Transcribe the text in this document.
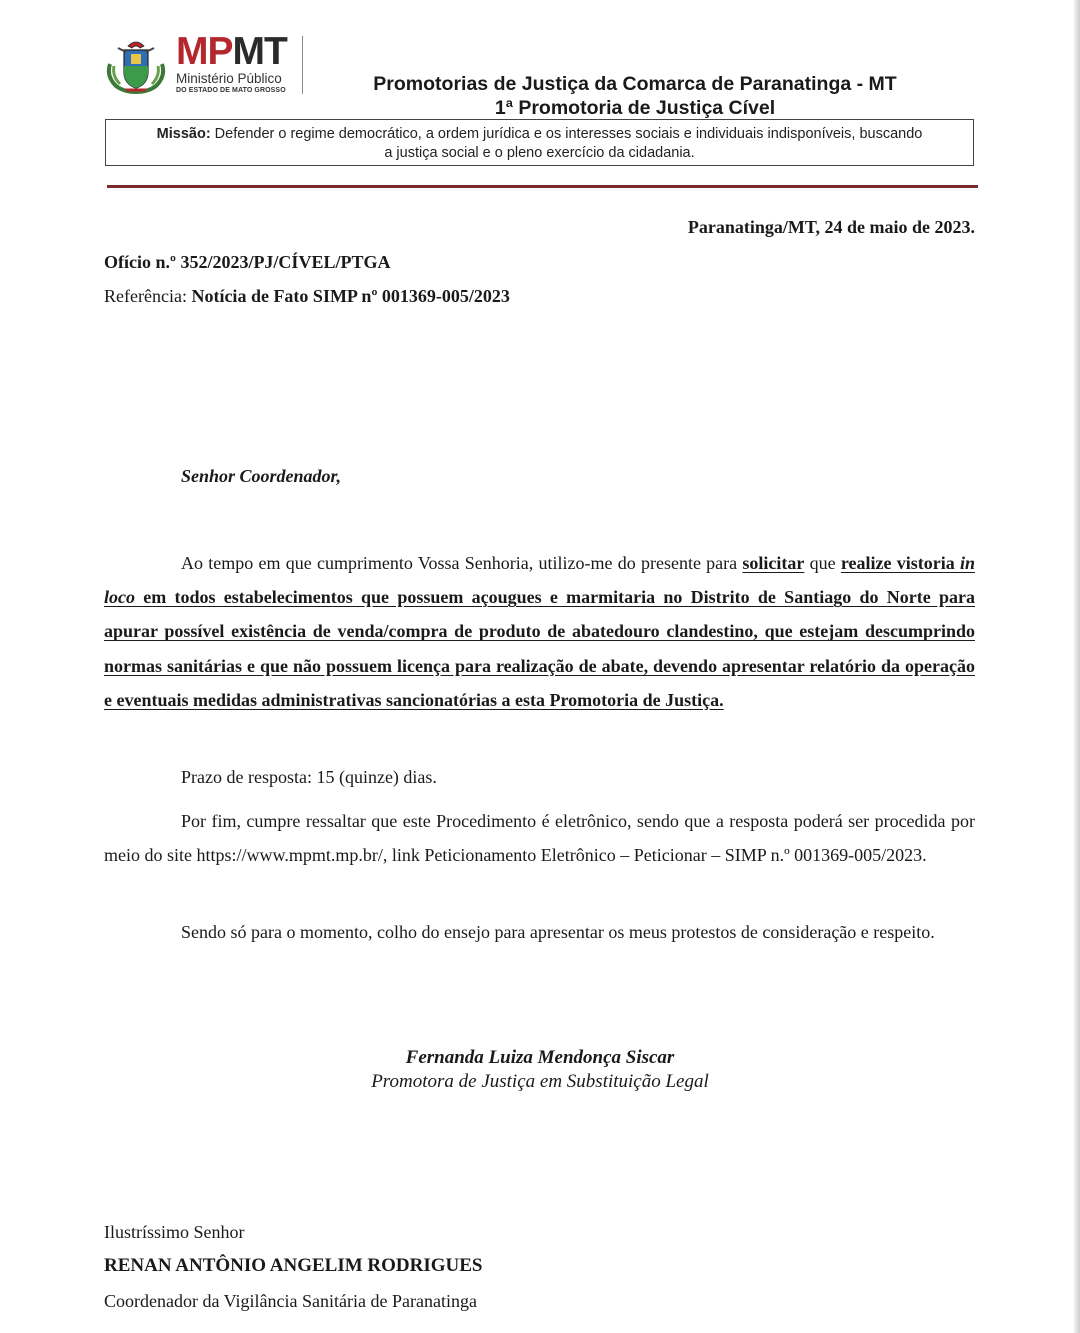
MPMT
Ministério Público
DO ESTADO DE MATO GROSSO	Promotorias de Justiça da Comarca de Paranatinga - MT
1ª Promotoria de Justiça Cível
Missão: Defender o regime democrático, a ordem jurídica e os interesses sociais e individuais indisponíveis, buscando
a justiça social e o pleno exercício da cidadania.
Paranatinga/MT, 24 de maio de 2023.
Ofício n.º 352/2023/PJ/CÍVEL/PTGA
Referência: Notícia de Fato SIMP nº 001369-005/2023
Senhor Coordenador,
Ao tempo em que cumprimento Vossa Senhoria, utilizo-me do presente para solicitar que realize vistoria in loco em todos estabelecimentos que possuem açougues e marmitaria no Distrito de Santiago do Norte para apurar possível existência de venda/compra de produto de abatedouro clandestino, que estejam descumprindo normas sanitárias e que não possuem licença para realização de abate, devendo apresentar relatório da operação e eventuais medidas administrativas sancionatórias a esta Promotoria de Justiça.
Prazo de resposta: 15 (quinze) dias.
Por fim, cumpre ressaltar que este Procedimento é eletrônico, sendo que a resposta poderá ser procedida por meio do site https://www.mpmt.mp.br/, link Peticionamento Eletrônico – Peticionar – SIMP n.º 001369-005/2023.
Sendo só para o momento, colho do ensejo para apresentar os meus protestos de consideração e respeito.
Fernanda Luiza Mendonça Siscar
Promotora de Justiça em Substituição Legal
Ilustríssimo Senhor
RENAN ANTÔNIO ANGELIM RODRIGUES
Coordenador da Vigilância Sanitária de Paranatinga
